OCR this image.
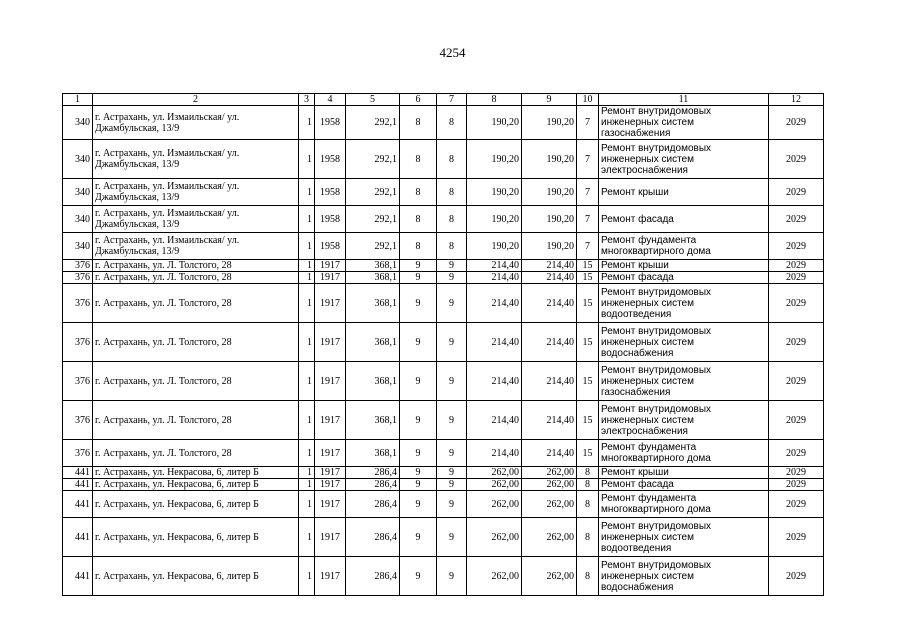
4254
1	2	3	4	5	6	7	8	9	10	11	12
340	г. Астрахань, ул. Измаильская/ ул. Джамбульская, 13/9	1	1958	292,1	8	8	190,20	190,20	7	Ремонт внутридомовых инженерных систем газоснабжения	2029
340	г. Астрахань, ул. Измаильская/ ул. Джамбульская, 13/9	1	1958	292,1	8	8	190,20	190,20	7	Ремонт внутридомовых инженерных систем электроснабжения	2029
340	г. Астрахань, ул. Измаильская/ ул. Джамбульская, 13/9	1	1958	292,1	8	8	190,20	190,20	7	Ремонт крыши	2029
340	г. Астрахань, ул. Измаильская/ ул. Джамбульская, 13/9	1	1958	292,1	8	8	190,20	190,20	7	Ремонт фасада	2029
340	г. Астрахань, ул. Измаильская/ ул. Джамбульская, 13/9	1	1958	292,1	8	8	190,20	190,20	7	Ремонт фундамента многоквартирного дома	2029
376	г. Астрахань, ул. Л. Толстого, 28	1	1917	368,1	9	9	214,40	214,40	15	Ремонт крыши	2029
376	г. Астрахань, ул. Л. Толстого, 28	1	1917	368,1	9	9	214,40	214,40	15	Ремонт фасада	2029
376	г. Астрахань, ул. Л. Толстого, 28	1	1917	368,1	9	9	214,40	214,40	15	Ремонт внутридомовых инженерных систем водоотведения	2029
376	г. Астрахань, ул. Л. Толстого, 28	1	1917	368,1	9	9	214,40	214,40	15	Ремонт внутридомовых инженерных систем водоснабжения	2029
376	г. Астрахань, ул. Л. Толстого, 28	1	1917	368,1	9	9	214,40	214,40	15	Ремонт внутридомовых инженерных систем газоснабжения	2029
376	г. Астрахань, ул. Л. Толстого, 28	1	1917	368,1	9	9	214,40	214,40	15	Ремонт внутридомовых инженерных систем электроснабжения	2029
376	г. Астрахань, ул. Л. Толстого, 28	1	1917	368,1	9	9	214,40	214,40	15	Ремонт фундамента многоквартирного дома	2029
441	г. Астрахань, ул. Некрасова, 6, литер Б	1	1917	286,4	9	9	262,00	262,00	8	Ремонт крыши	2029
441	г. Астрахань, ул. Некрасова, 6, литер Б	1	1917	286,4	9	9	262,00	262,00	8	Ремонт фасада	2029
441	г. Астрахань, ул. Некрасова, 6, литер Б	1	1917	286,4	9	9	262,00	262,00	8	Ремонт фундамента многоквартирного дома	2029
441	г. Астрахань, ул. Некрасова, 6, литер Б	1	1917	286,4	9	9	262,00	262,00	8	Ремонт внутридомовых инженерных систем водоотведения	2029
441	г. Астрахань, ул. Некрасова, 6, литер Б	1	1917	286,4	9	9	262,00	262,00	8	Ремонт внутридомовых инженерных систем водоснабжения	2029
